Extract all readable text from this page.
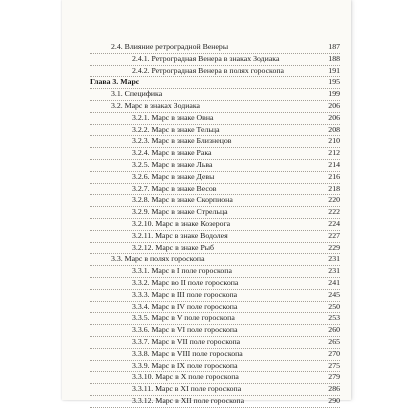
2.4. Влияние ретроградной Венеры	187
2.4.1. Ретроградная Венера в знаках Зодиака	188
2.4.2. Ретроградная Венера в полях гороскопа	191
Глава 3. Марс	195
3.1. Специфика	199
3.2. Марс в знаках Зодиака	206
3.2.1. Марс в знаке Овна	206
3.2.2. Марс в знаке Тельца	208
3.2.3. Марс в знаке Близнецов	210
3.2.4. Марс в знаке Рака	212
3.2.5. Марс в знаке Льва	214
3.2.6. Марс в знаке Девы	216
3.2.7. Марс в знаке Весов	218
3.2.8. Марс в знаке Скорпиона	220
3.2.9. Марс в знаке Стрельца	222
3.2.10. Марс в знаке Козерога	224
3.2.11. Марс в знаке Водолея	227
3.2.12. Марс в знаке Рыб	229
3.3. Марс в полях гороскопа	231
3.3.1. Марс в I поле гороскопа	231
3.3.2. Марс во II поле гороскопа	241
3.3.3. Марс в III поле гороскопа	245
3.3.4. Марс в IV поле гороскопа	250
3.3.5. Марс в V поле гороскопа	253
3.3.6. Марс в VI поле гороскопа	260
3.3.7. Марс в VII поле гороскопа	265
3.3.8. Марс в VIII поле гороскопа	270
3.3.9. Марс в IX поле гороскопа	275
3.3.10. Марс в X поле гороскопа	279
3.3.11. Марс в XI поле гороскопа	286
3.3.12. Марс в XII поле гороскопа	290
